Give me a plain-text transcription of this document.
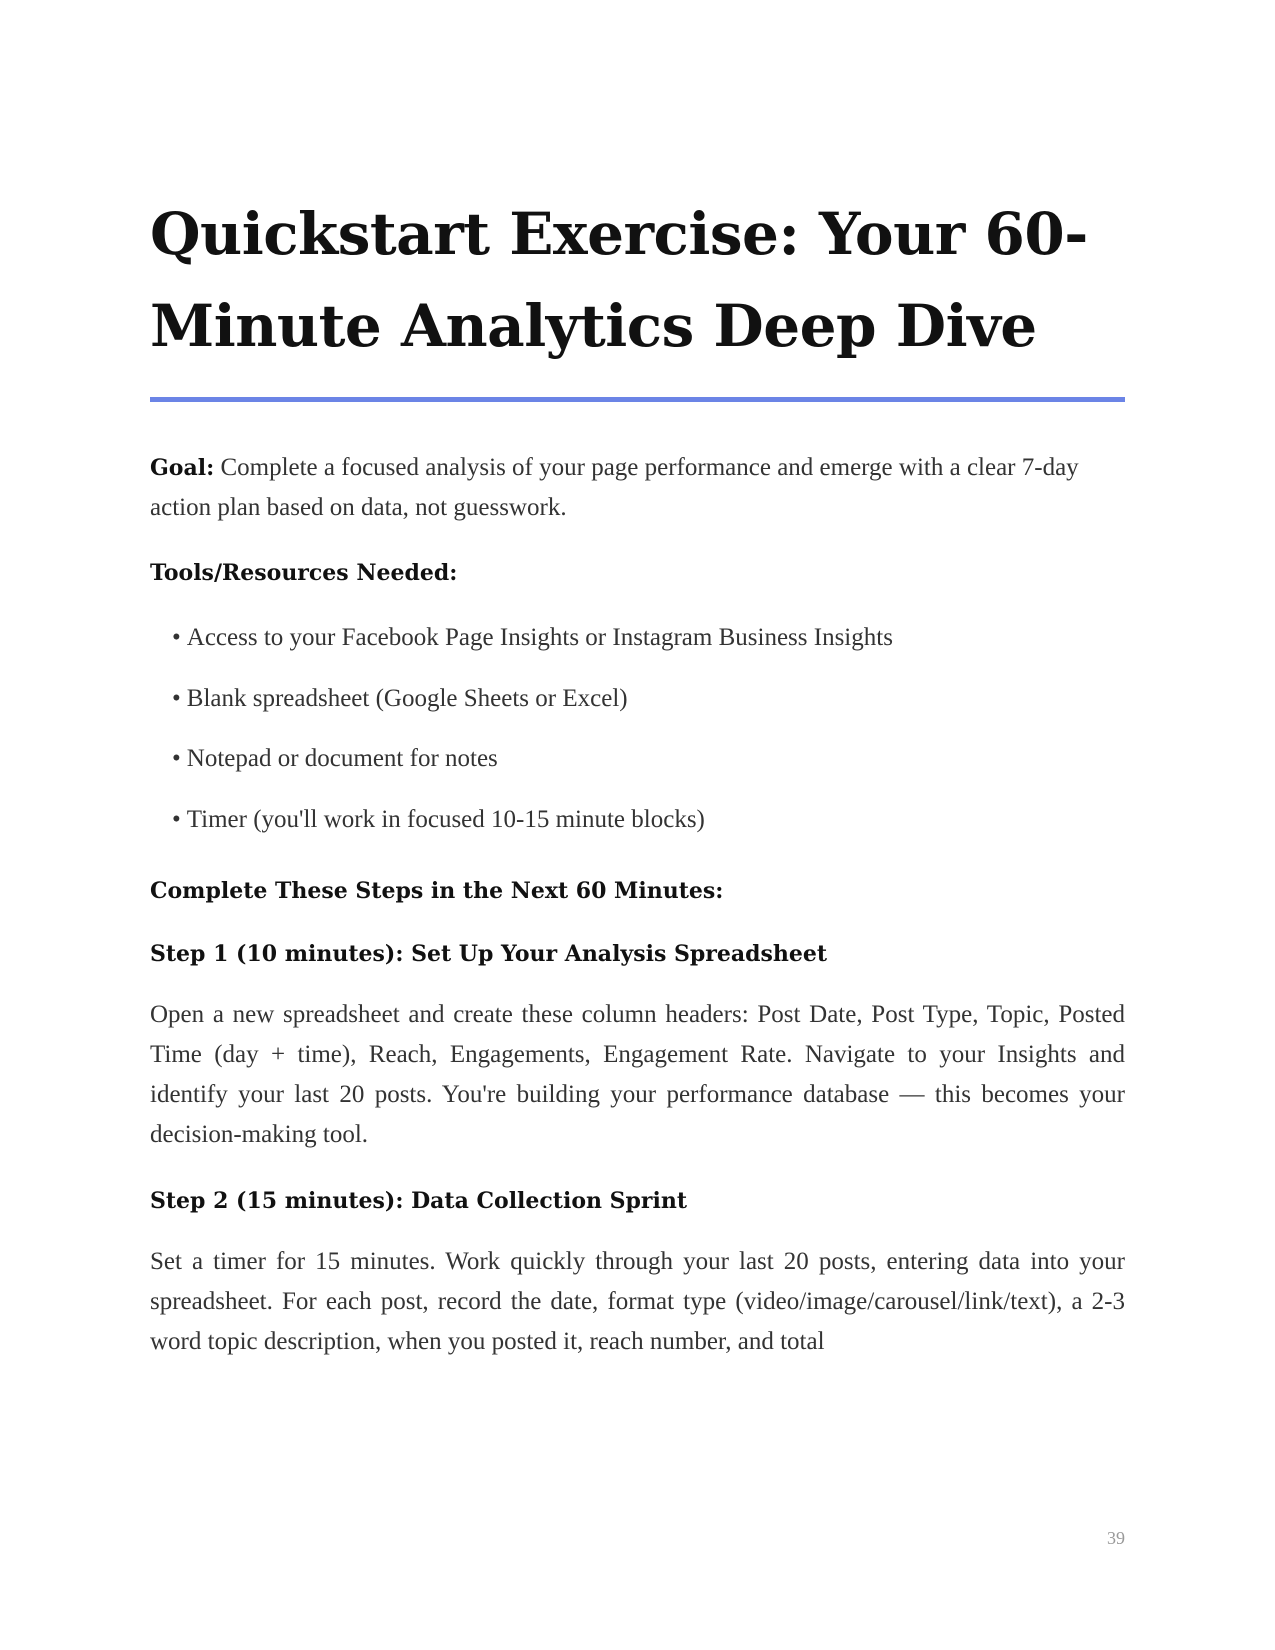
Quickstart Exercise: Your 60-Minute Analytics Deep Dive

Goal: Complete a focused analysis of your page performance and emerge with a clear 7-day action plan based on data, not guesswork.

Tools/Resources Needed:
• Access to your Facebook Page Insights or Instagram Business Insights
• Blank spreadsheet (Google Sheets or Excel)
• Notepad or document for notes
• Timer (you'll work in focused 10-15 minute blocks)
Complete These Steps in the Next 60 Minutes:
Step 1 (10 minutes): Set Up Your Analysis Spreadsheet

Open a new spreadsheet and create these column headers: Post Date, Post Type, Topic, Posted Time (day + time), Reach, Engagements, Engagement Rate. Navigate to your Insights and identify your last 20 posts. You're building your performance database — this becomes your decision-making tool.

Step 2 (15 minutes): Data Collection Sprint

Set a timer for 15 minutes. Work quickly through your last 20 posts, entering data into your spreadsheet. For each post, record the date, format type (video/image/carousel/link/text), a 2-3 word topic description, when you posted it, reach number, and total

39
